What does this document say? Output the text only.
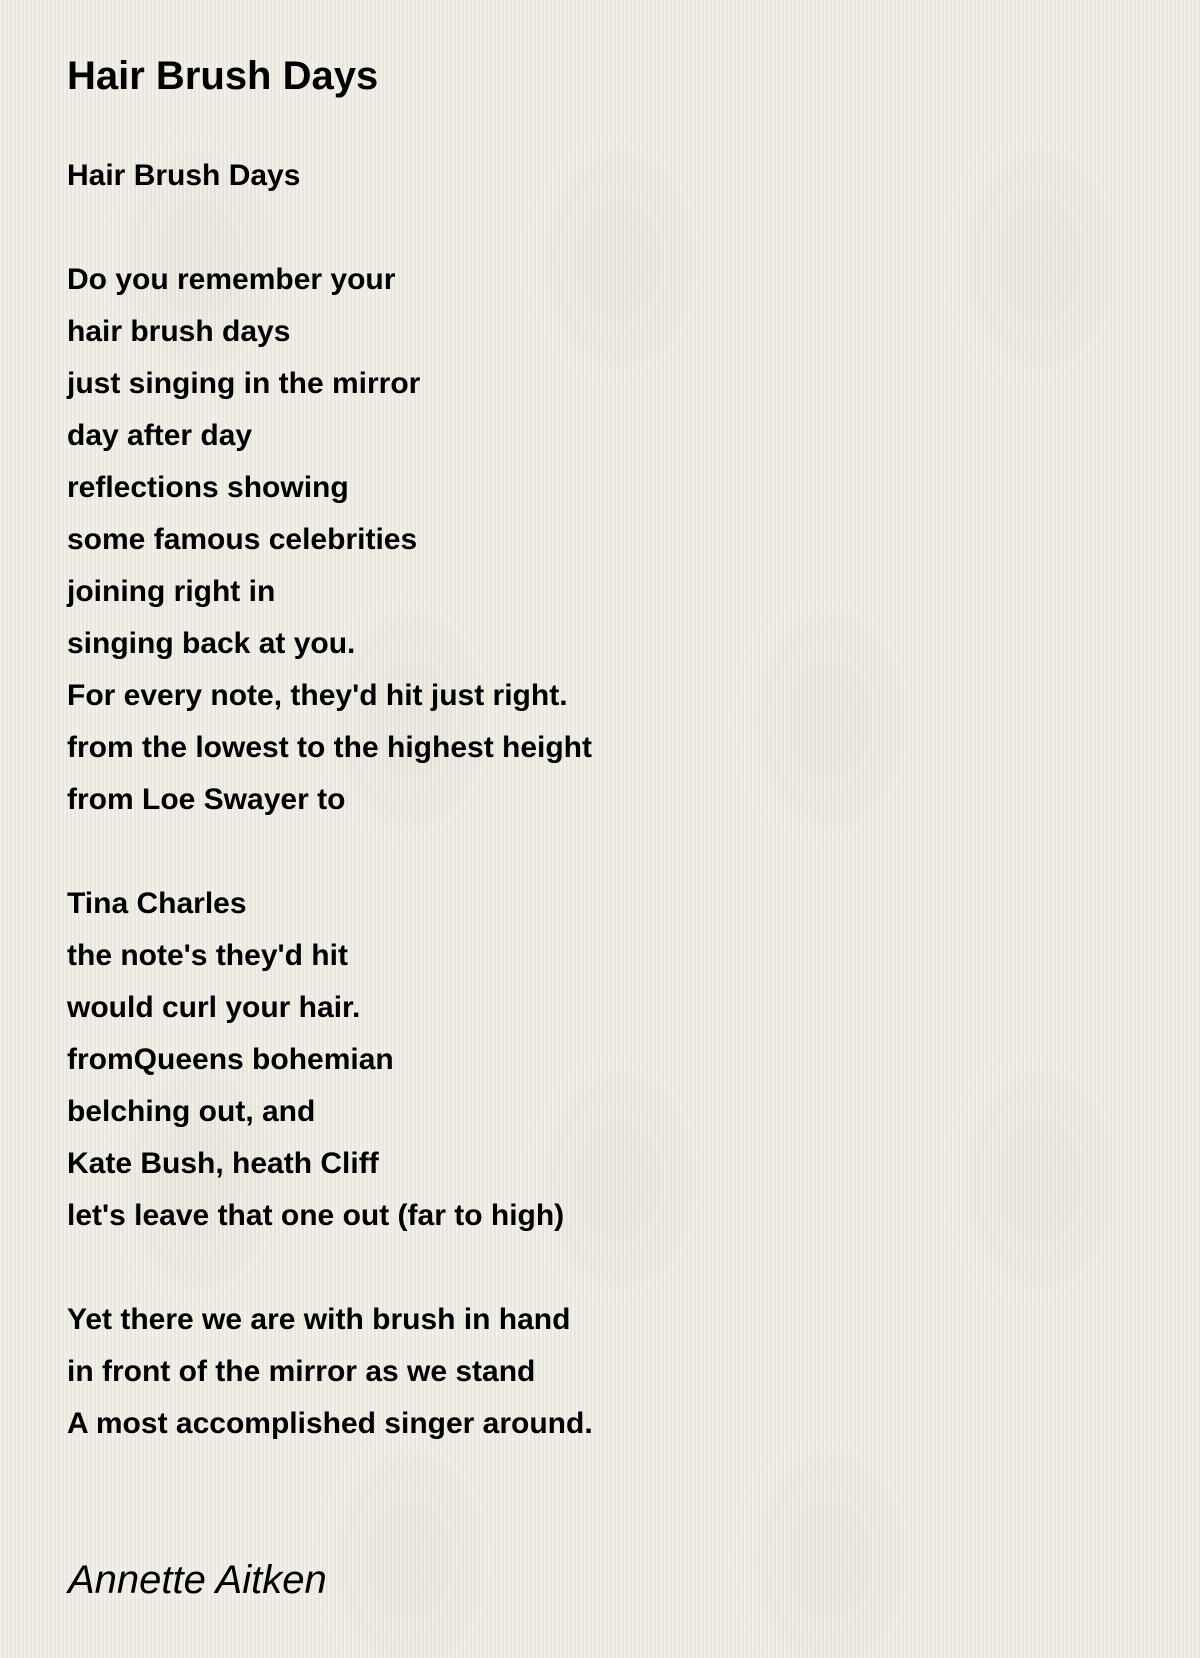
Hair Brush Days
Hair Brush Days
Do you remember your
hair brush days
just singing in the mirror
day after day
reflections showing
some famous celebrities
joining right in
singing back at you.
For every note, they'd hit just right.
from the lowest to the highest height
from Loe Swayer to
Tina Charles
the note's they'd hit
would curl your hair.
fromQueens bohemian
belching out, and
Kate Bush, heath Cliff
let's leave that one out (far to high)
Yet there we are with brush in hand
in front of the mirror as we stand
A most accomplished singer around.
Annette Aitken
